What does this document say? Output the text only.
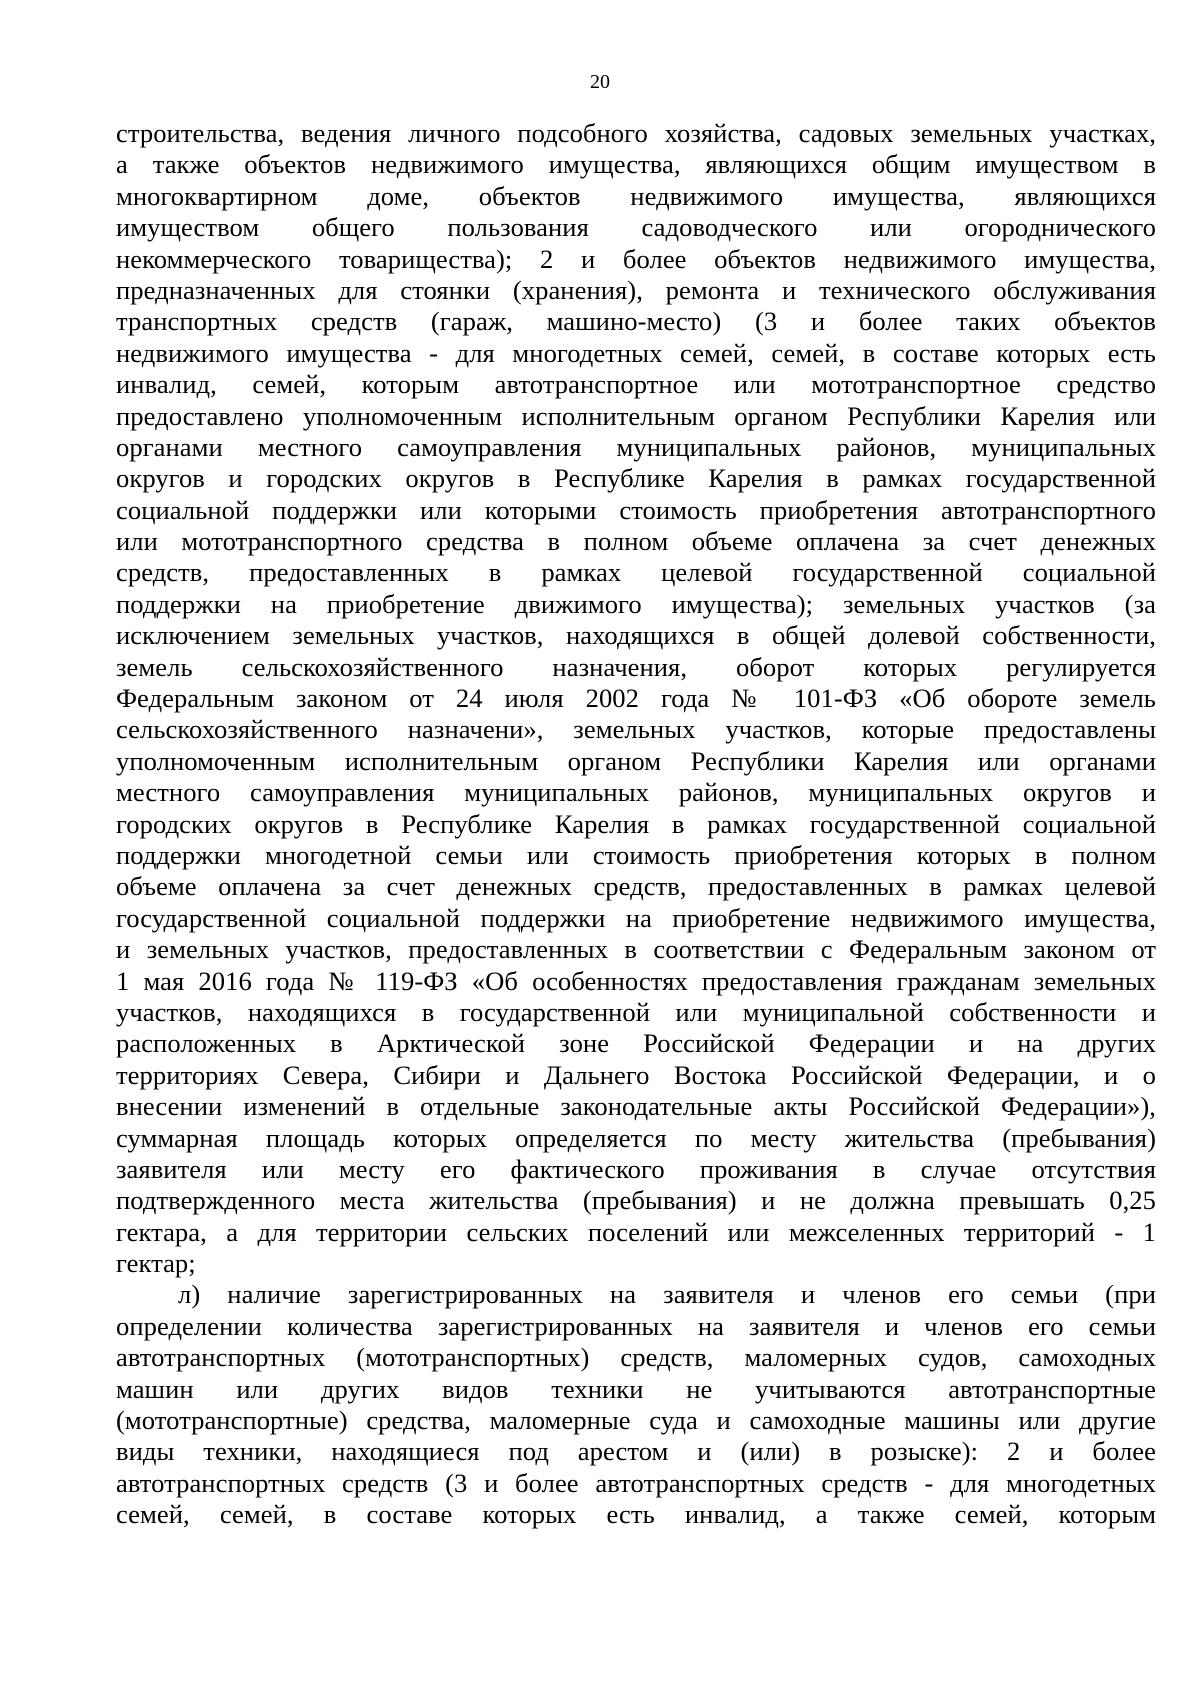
20
строительства, ведения личного подсобного хозяйства, садовых земельных участках,
а также объектов недвижимого имущества, являющихся общим имуществом в
многоквартирном доме, объектов недвижимого имущества, являющихся
имуществом общего пользования садоводческого или огороднического
некоммерческого товарищества); 2 и более объектов недвижимого имущества,
предназначенных для стоянки (хранения), ремонта и технического обслуживания
транспортных средств (гараж, машино-место) (3 и более таких объектов
недвижимого имущества - для многодетных семей, семей, в составе которых есть
инвалид, семей, которым автотранспортное или мототранспортное средство
предоставлено уполномоченным исполнительным органом Республики Карелия или
органами местного самоуправления муниципальных районов, муниципальных
округов и городских округов в Республике Карелия в рамках государственной
социальной поддержки или которыми стоимость приобретения автотранспортного
или мототранспортного средства в полном объеме оплачена за счет денежных
средств, предоставленных в рамках целевой государственной социальной
поддержки на приобретение движимого имущества); земельных участков (за
исключением земельных участков, находящихся в общей долевой собственности,
земель сельскохозяйственного назначения, оборот которых регулируется
Федеральным законом от 24 июля 2002 года № 101-ФЗ «Об обороте земель
сельскохозяйственного назначени», земельных участков, которые предоставлены
уполномоченным исполнительным органом Республики Карелия или органами
местного самоуправления муниципальных районов, муниципальных округов и
городских округов в Республике Карелия в рамках государственной социальной
поддержки многодетной семьи или стоимость приобретения которых в полном
объеме оплачена за счет денежных средств, предоставленных в рамках целевой
государственной социальной поддержки на приобретение недвижимого имущества,
и земельных участков, предоставленных в соответствии с Федеральным законом от
1 мая 2016 года № 119-ФЗ «Об особенностях предоставления гражданам земельных
участков, находящихся в государственной или муниципальной собственности и
расположенных в Арктической зоне Российской Федерации и на других
территориях Севера, Сибири и Дальнего Востока Российской Федерации, и о
внесении изменений в отдельные законодательные акты Российской Федерации»),
суммарная площадь которых определяется по месту жительства (пребывания)
заявителя или месту его фактического проживания в случае отсутствия
подтвержденного места жительства (пребывания) и не должна превышать 0,25
гектара, а для территории сельских поселений или межселенных территорий - 1
гектар;
л) наличие зарегистрированных на заявителя и членов его семьи (при
определении количества зарегистрированных на заявителя и членов его семьи
автотранспортных (мототранспортных) средств, маломерных судов, самоходных
машин или других видов техники не учитываются автотранспортные
(мототранспортные) средства, маломерные суда и самоходные машины или другие
виды техники, находящиеся под арестом и (или) в розыске): 2 и более
автотранспортных средств (3 и более автотранспортных средств - для многодетных
семей, семей, в составе которых есть инвалид, а также семей, которым
